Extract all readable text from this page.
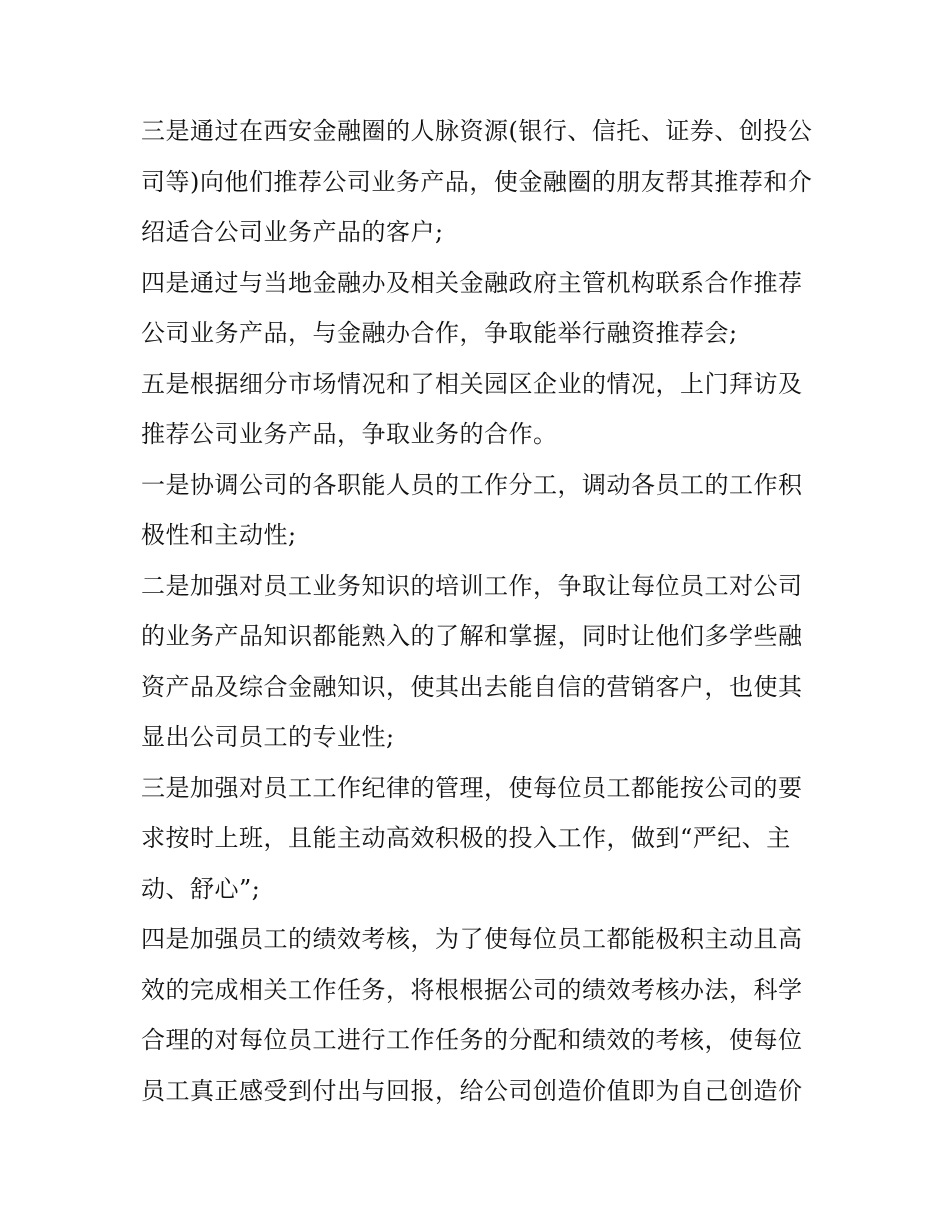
三是通过在西安金融圈的人脉资源(银行、信托、证券、创投公司等)向他们推荐公司业务产品，使金融圈的朋友帮其推荐和介绍适合公司业务产品的客户;

四是通过与当地金融办及相关金融政府主管机构联系合作推荐公司业务产品，与金融办合作，争取能举行融资推荐会;

五是根据细分市场情况和了相关园区企业的情况，上门拜访及推荐公司业务产品，争取业务的合作。

一是协调公司的各职能人员的工作分工，调动各员工的工作积极性和主动性;

二是加强对员工业务知识的培训工作，争取让每位员工对公司的业务产品知识都能熟入的了解和掌握，同时让他们多学些融资产品及综合金融知识，使其出去能自信的营销客户，也使其显出公司员工的专业性;

三是加强对员工工作纪律的管理，使每位员工都能按公司的要求按时上班，且能主动高效积极的投入工作，做到“严纪、主动、舒心”;

四是加强员工的绩效考核，为了使每位员工都能极积主动且高效的完成相关工作任务，将根根据公司的绩效考核办法，科学合理的对每位员工进行工作任务的分配和绩效的考核，使每位员工真正感受到付出与回报，给公司创造价值即为自己创造价
